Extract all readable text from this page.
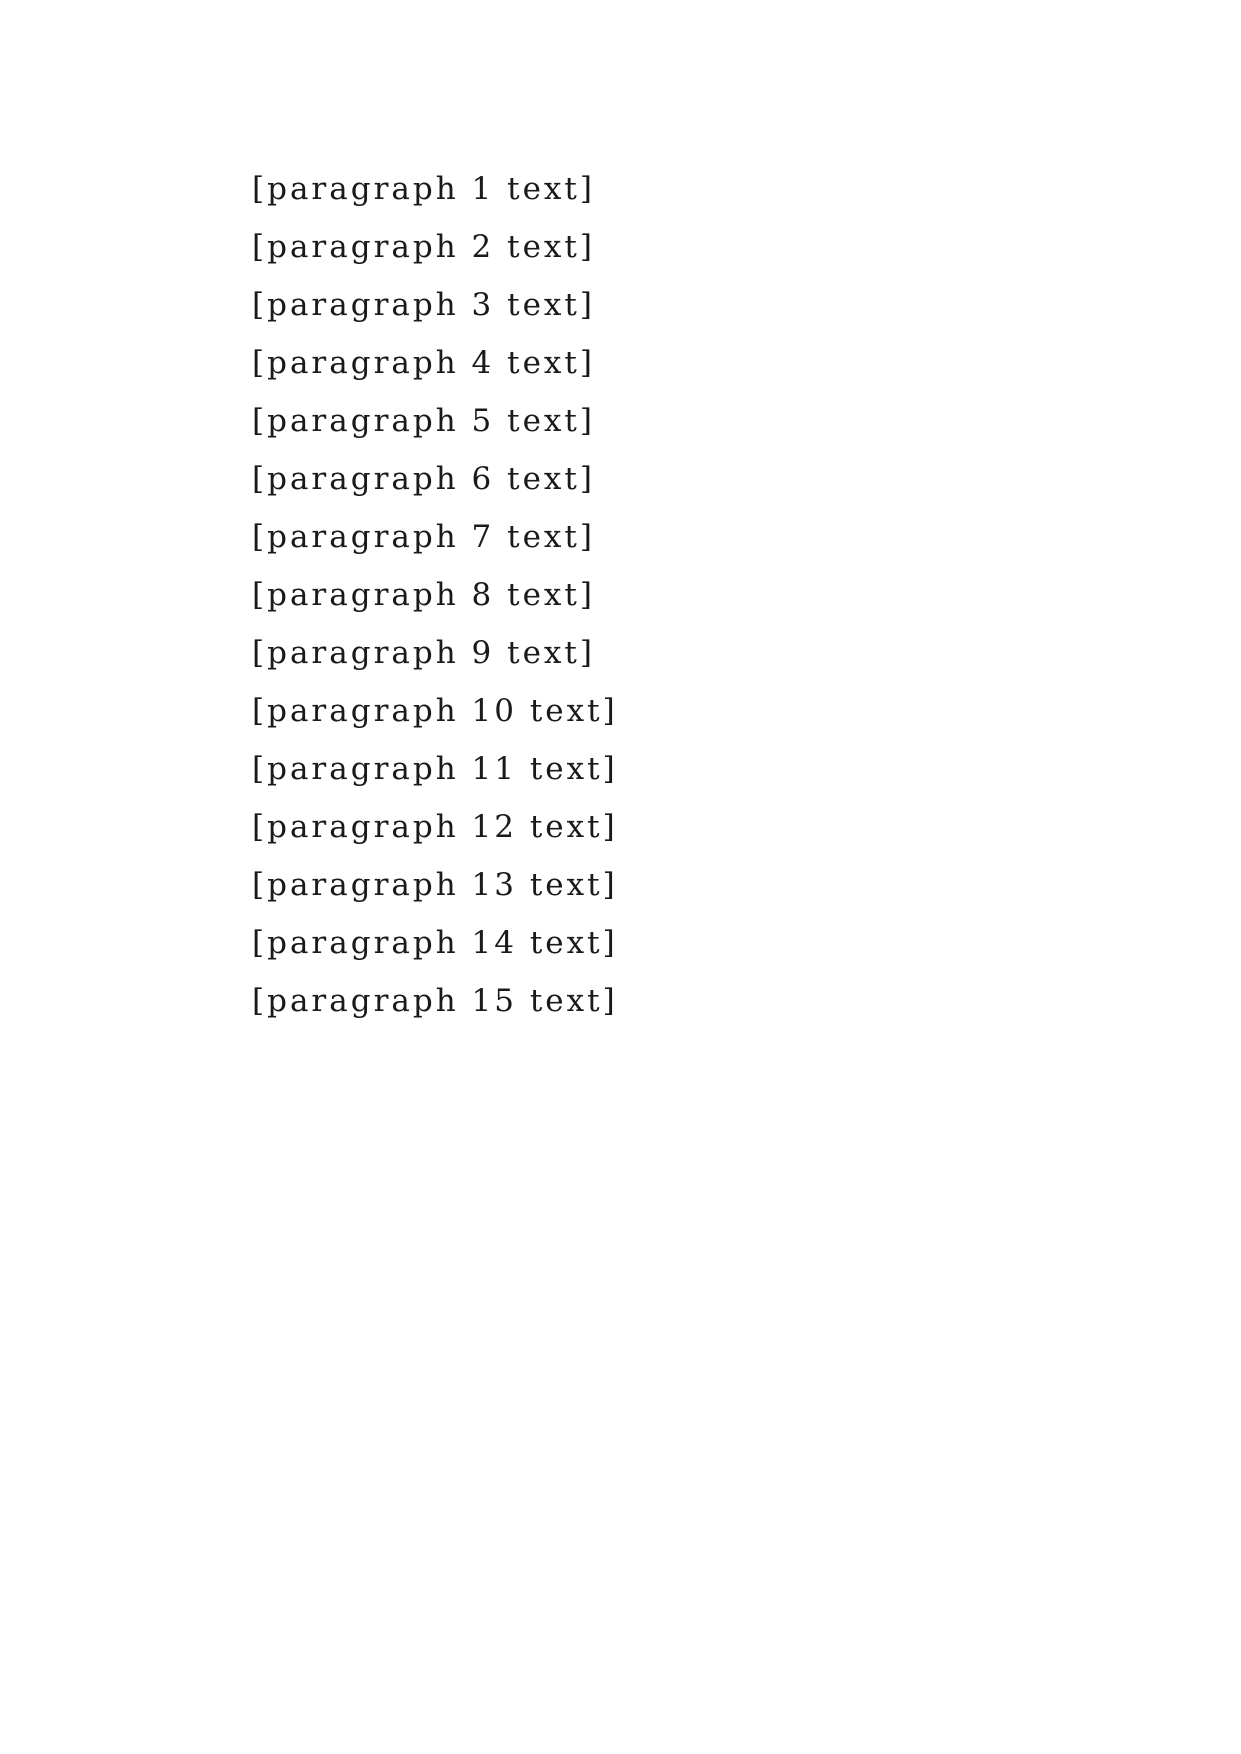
[paragraph 1 text]

[paragraph 2 text]

[paragraph 3 text]

[paragraph 4 text]

[paragraph 5 text]

[paragraph 6 text]

[paragraph 7 text]

[paragraph 8 text]

[paragraph 9 text]

[paragraph 10 text]

[paragraph 11 text]

[paragraph 12 text]

[paragraph 13 text]

[paragraph 14 text]

[paragraph 15 text]
